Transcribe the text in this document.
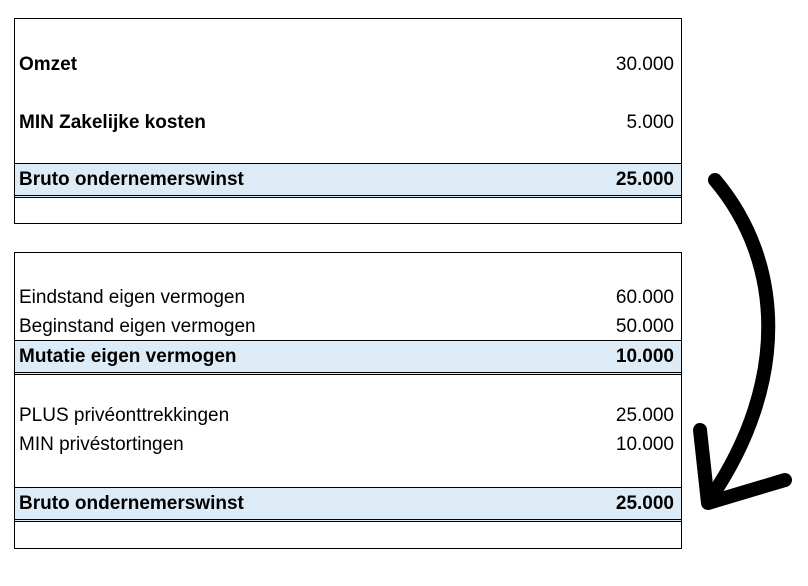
Omzet	30.000
MIN Zakelijke kosten	5.000
Bruto ondernemerswinst	25.000
Eindstand eigen vermogen	60.000
Beginstand eigen vermogen	50.000
Mutatie eigen vermogen	10.000
PLUS privéonttrekkingen	25.000
MIN privéstortingen	10.000
Bruto ondernemerswinst	25.000
